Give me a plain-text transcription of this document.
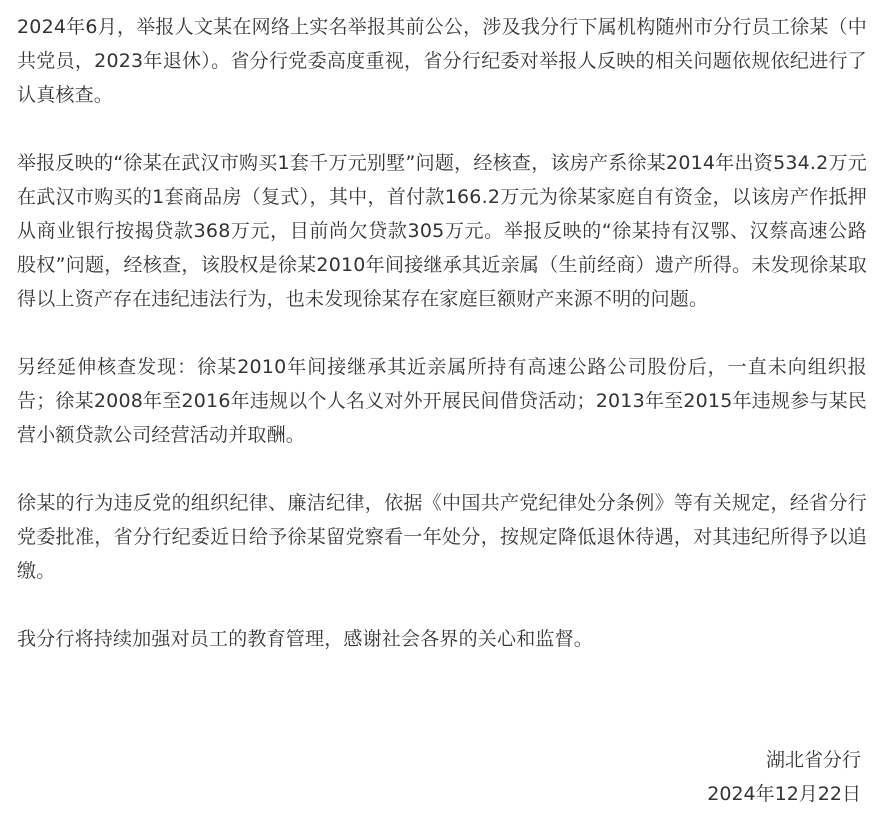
2024年6月，举报人文某在网络上实名举报其前公公，涉及我分行下属机构随州市分行员工徐某（中共党员，2023年退休）。省分行党委高度重视，省分行纪委对举报人反映的相关问题依规依纪进行了认真核查。

举报反映的“徐某在武汉市购买1套千万元别墅”问题，经核查，该房产系徐某2014年出资534.2万元在武汉市购买的1套商品房（复式），其中，首付款166.2万元为徐某家庭自有资金，以该房产作抵押从商业银行按揭贷款368万元，目前尚欠贷款305万元。举报反映的“徐某持有汉鄂、汉蔡高速公路股权”问题，经核查，该股权是徐某2010年间接继承其近亲属（生前经商）遗产所得。未发现徐某取得以上资产存在违纪违法行为，也未发现徐某存在家庭巨额财产来源不明的问题。

另经延伸核查发现：徐某2010年间接继承其近亲属所持有高速公路公司股份后，一直未向组织报告；徐某2008年至2016年违规以个人名义对外开展民间借贷活动；2013年至2015年违规参与某民营小额贷款公司经营活动并取酬。

徐某的行为违反党的组织纪律、廉洁纪律，依据《中国共产党纪律处分条例》等有关规定，经省分行党委批准，省分行纪委近日给予徐某留党察看一年处分，按规定降低退休待遇，对其违纪所得予以追缴。

我分行将持续加强对员工的教育管理，感谢社会各界的关心和监督。

湖北省分行
2024年12月22日
